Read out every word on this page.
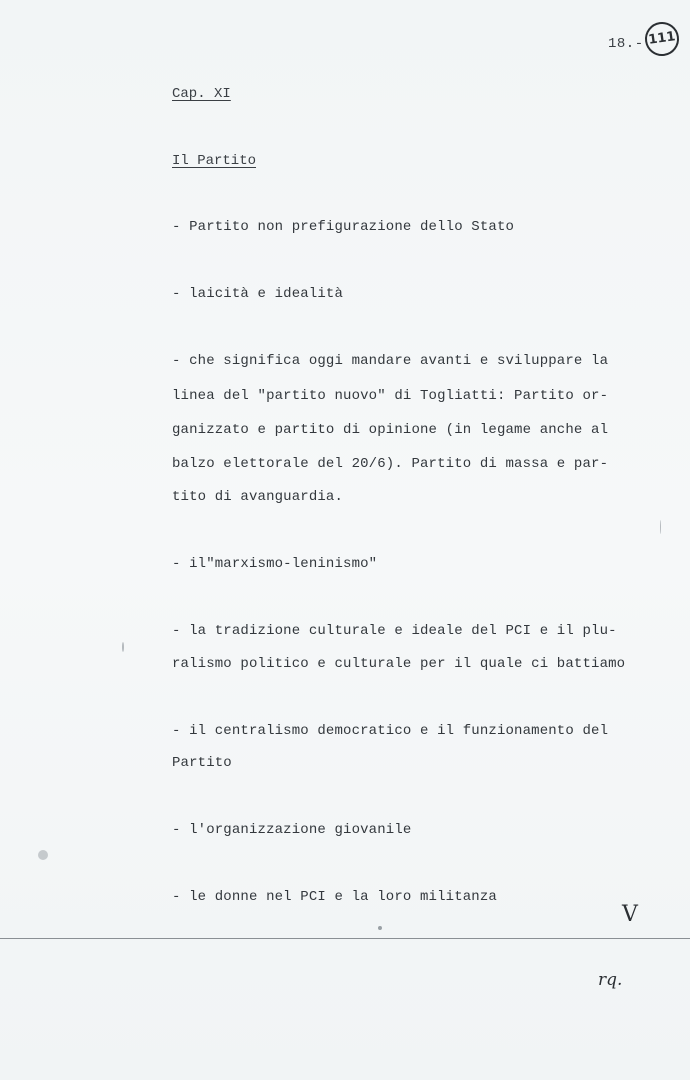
18.- 111
Cap. XI
Il Partito
- Partito non prefigurazione dello Stato
- laicità e idealità
- che significa oggi mandare avanti e sviluppare la
linea del "partito nuovo" di Togliatti: Partito or-
ganizzato e partito di opinione (in legame anche al
balzo elettorale del 20/6). Partito di massa e par-
tito di avanguardia.
- il"marxismo-leninismo"
- la tradizione culturale e ideale del PCI e il plu-
ralismo politico e culturale per il quale ci battiamo
- il centralismo democratico e il funzionamento del
Partito
- l'organizzazione giovanile
- le donne nel PCI e la loro militanza
V
rq.
